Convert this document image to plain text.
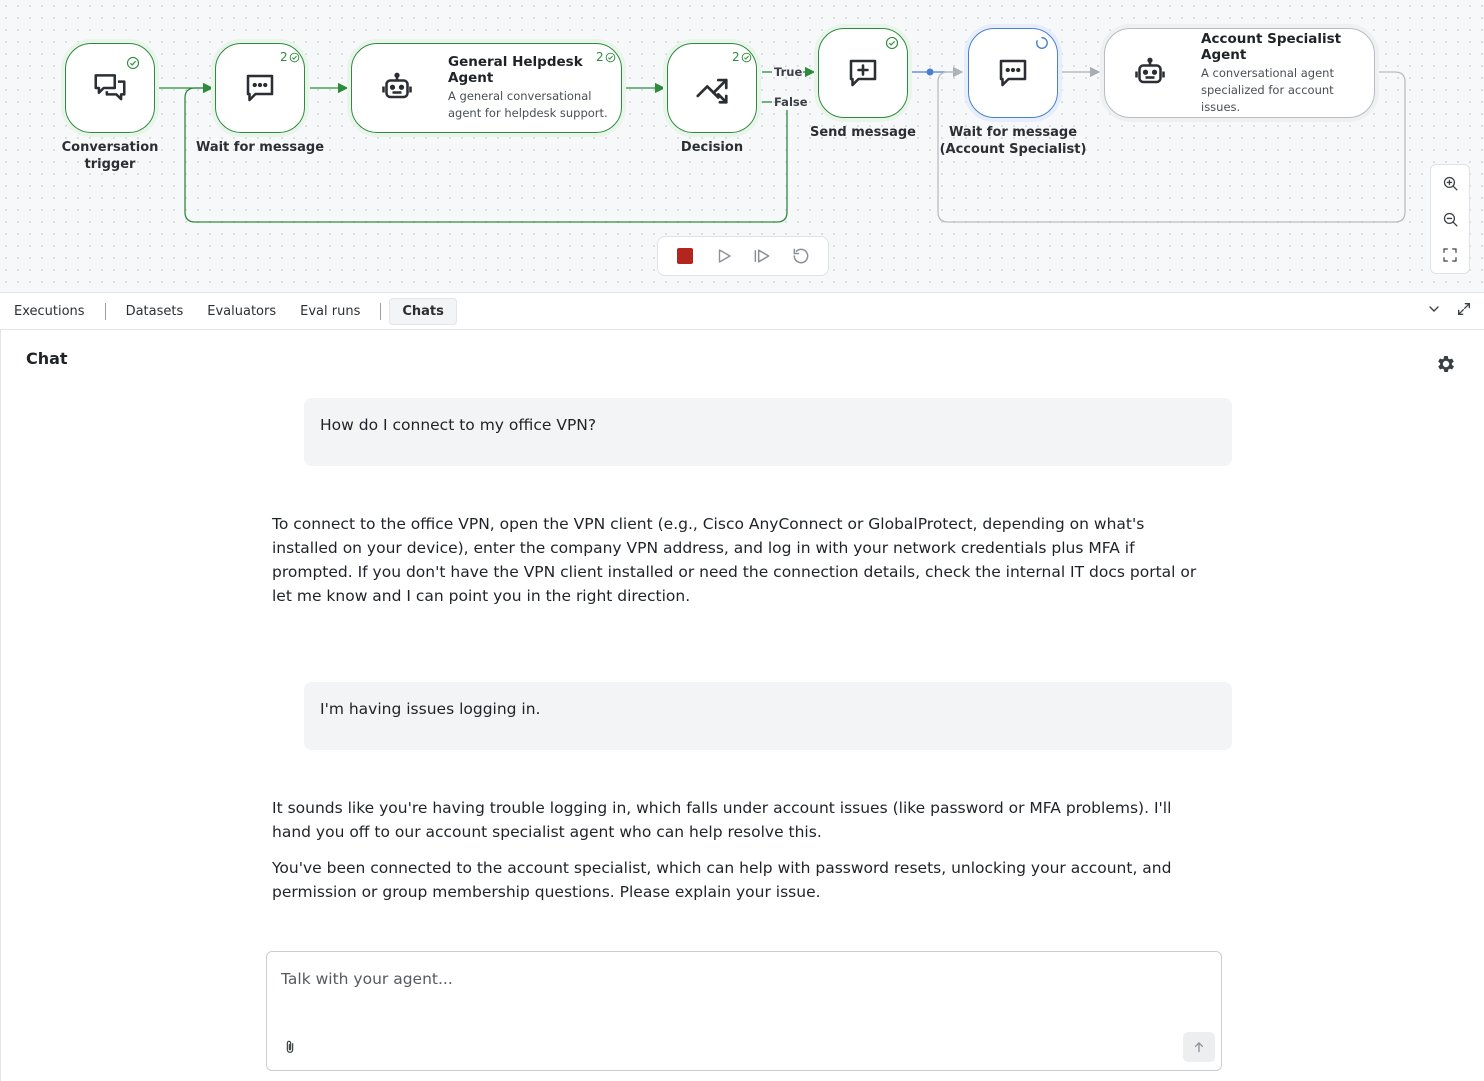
Conversation
trigger
2
Wait for message
General Helpdesk Agent
A general conversational
agent for helpdesk support.
2	2
True
False
Decision
Send message	Wait for message
(Account Specialist)
Account Specialist Agent
A conversational agent
specialized for account issues.
Executions	Datasets	Evaluators	Eval runs	Chats
Chat
How do I connect to my office VPN?
To connect to the office VPN, open the VPN client (e.g., Cisco AnyConnect or GlobalProtect, depending on what's installed on your device), enter the company VPN address, and log in with your network credentials plus MFA if prompted. If you don't have the VPN client installed or need the connection details, check the internal IT docs portal or let me know and I can point you in the right direction.
I'm having issues logging in.
It sounds like you're having trouble logging in, which falls under account issues (like password or MFA problems). I'll hand you off to our account specialist agent who can help resolve this.
You've been connected to the account specialist, which can help with password resets, unlocking your account, and permission or group membership questions. Please explain your issue.
Talk with your agent...
